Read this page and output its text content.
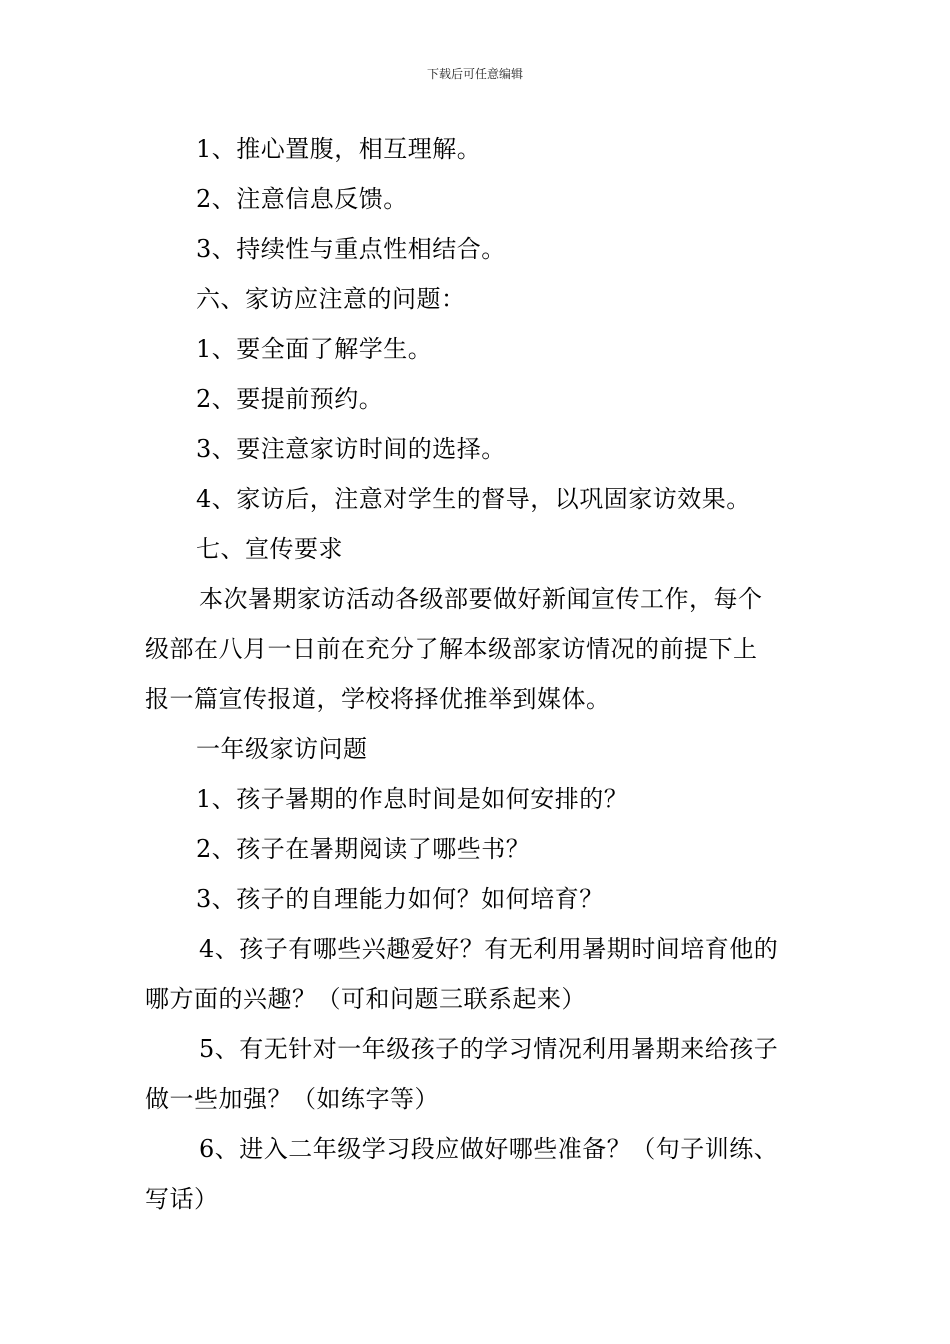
下载后可任意编辑
1、推心置腹，相互理解。
2、注意信息反馈。
3、持续性与重点性相结合。
六、家访应注意的问题：
1、要全面了解学生。
2、要提前预约。
3、要注意家访时间的选择。
4、家访后，注意对学生的督导，以巩固家访效果。
七、宣传要求
本次暑期家访活动各级部要做好新闻宣传工作，每个
级部在八月一日前在充分了解本级部家访情况的前提下上
报一篇宣传报道，学校将择优推举到媒体。
一年级家访问题
1、孩子暑期的作息时间是如何安排的？
2、孩子在暑期阅读了哪些书？
3、孩子的自理能力如何？如何培育？
4、孩子有哪些兴趣爱好？有无利用暑期时间培育他的
哪方面的兴趣？（可和问题三联系起来）
5、有无针对一年级孩子的学习情况利用暑期来给孩子
做一些加强？（如练字等）
6、进入二年级学习段应做好哪些准备？（句子训练、
写话）
